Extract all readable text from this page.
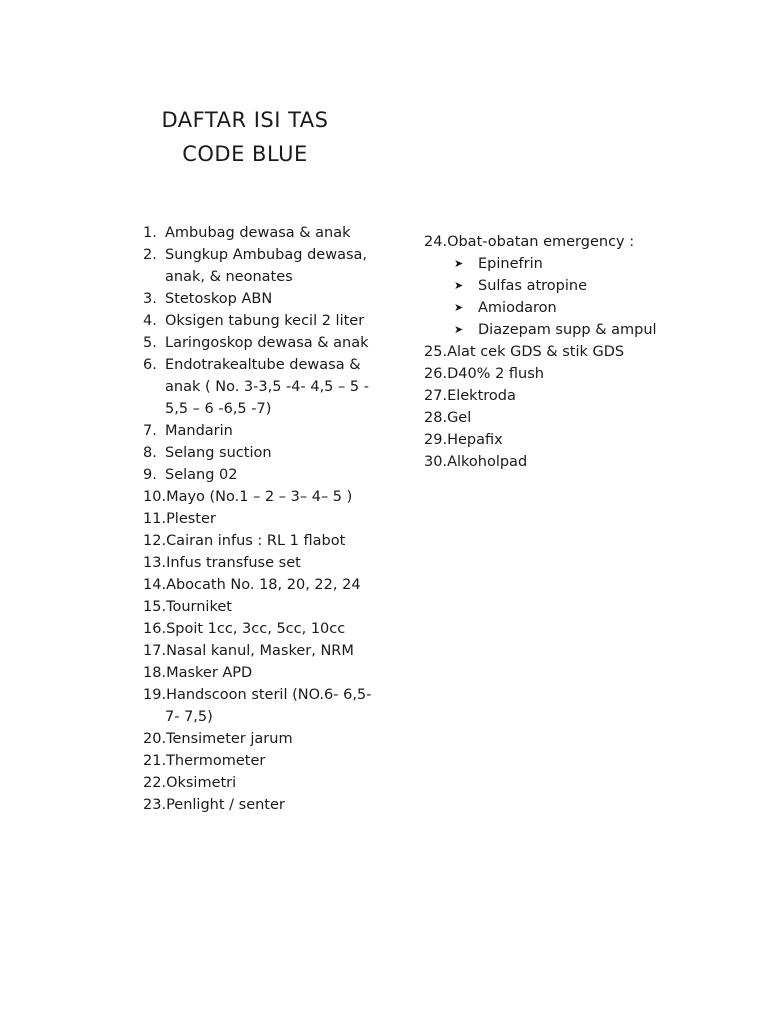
DAFTAR ISI TAS
CODE BLUE
1. Ambubag dewasa & anak
2. Sungkup Ambubag dewasa,
anak, & neonates
3. Stetoskop ABN
4. Oksigen tabung kecil 2 liter
5. Laringoskop dewasa & anak
6. Endotrakealtube dewasa &
anak ( No. 3-3,5 -4- 4,5 – 5 -
5,5 – 6 -6,5 -7)
7. Mandarin
8. Selang suction
9. Selang 02
10. Mayo (No.1 – 2 – 3– 4– 5 )
11. Plester
12. Cairan infus : RL 1 flabot
13. Infus transfuse set
14. Abocath No. 18, 20, 22, 24
15. Tourniket
16. Spoit 1cc, 3cc, 5cc, 10cc
17. Nasal kanul, Masker, NRM
18. Masker APD
19. Handscoon steril (NO.6- 6,5-
7- 7,5)
20. Tensimeter jarum
21. Thermometer
22. Oksimetri
23. Penlight / senter
24. Obat-obatan emergency :
➤	Epinefrin
➤	Sulfas atropine
➤	Amiodaron
➤	Diazepam supp & ampul
25. Alat cek GDS & stik GDS
26. D40% 2 flush
27. Elektroda
28. Gel
29. Hepafix
30. Alkoholpad
